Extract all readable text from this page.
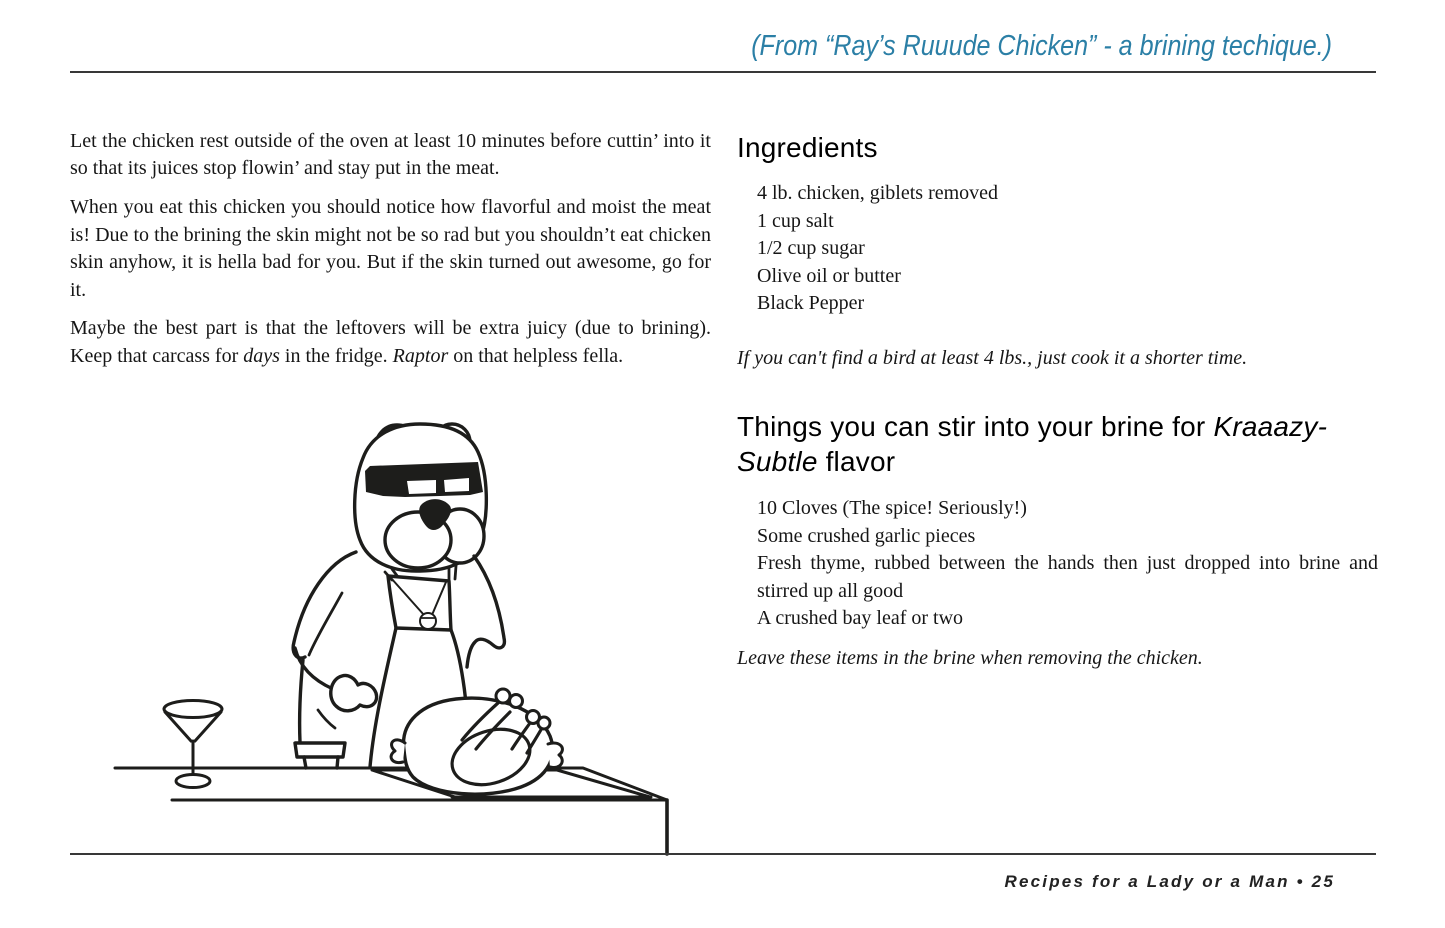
(From “Ray’s Ruuude Chicken” - a brining techique.)

Let the chicken rest outside of the oven at least 10 minutes before cuttin’ into it so that its juices stop flowin’ and stay put in the meat.

When you eat this chicken you should notice how flavorful and moist the meat is! Due to the brining the skin might not be so rad but you shouldn’t eat chicken skin anyhow, it is hella bad for you. But if the skin turned out awesome, go for it.

Maybe the best part is that the leftovers will be extra juicy (due to brining). Keep that carcass for days in the fridge. Raptor on that helpless fella.

Ingredients
4 lb. chicken, giblets removed
1 cup salt
1/2 cup sugar
Olive oil or butter
Black Pepper

If you can't find a bird at least 4 lbs., just cook it a shorter time.

Things you can stir into your brine for Kraaazy-Subtle flavor
10 Cloves (The spice! Seriously!)
Some crushed garlic pieces
Fresh thyme, rubbed between the hands then just dropped into brine and stirred up all good
A crushed bay leaf or two

Leave these items in the brine when removing the chicken.

Recipes for a Lady or a Man • 25
